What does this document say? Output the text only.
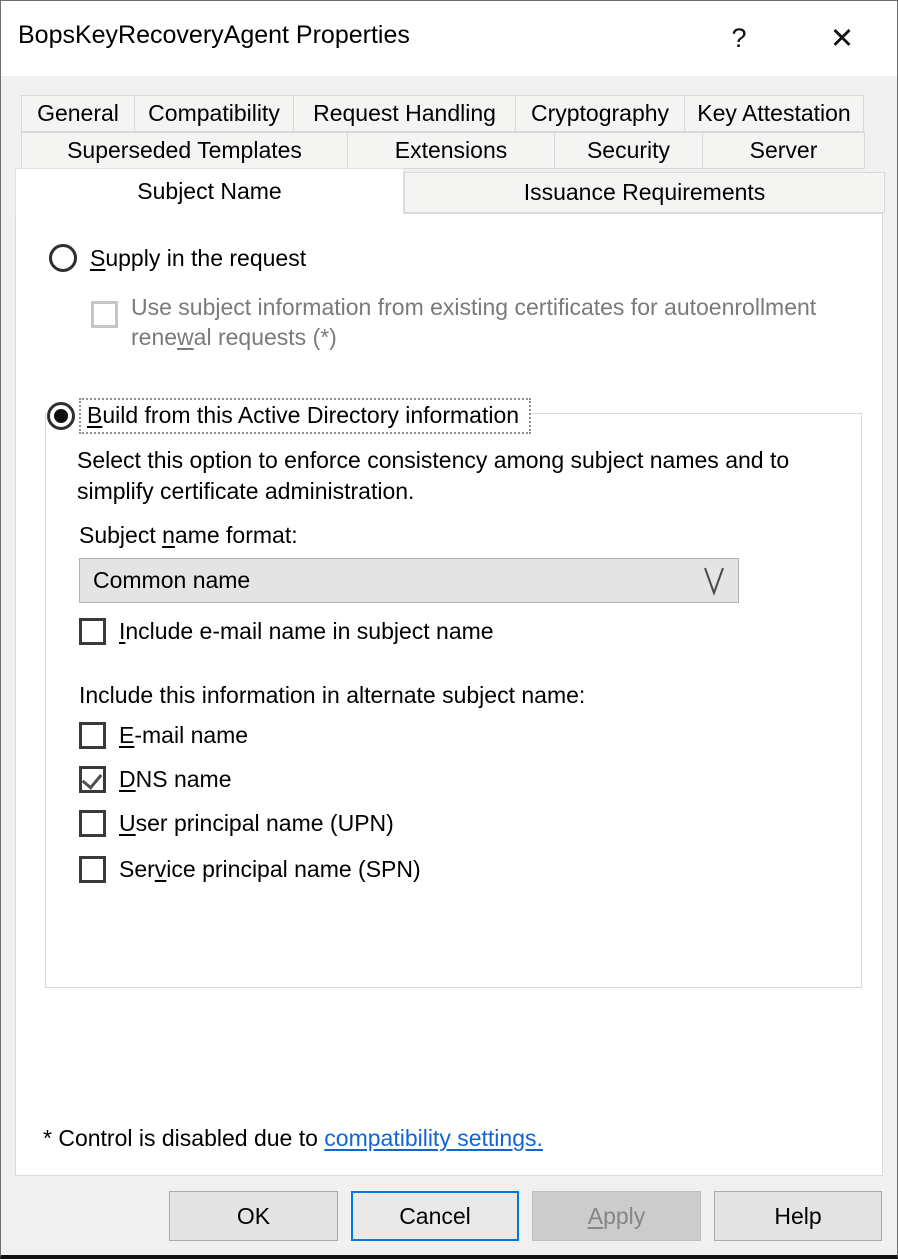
BopsKeyRecoveryAgent Properties	?	✕
General	Compatibility	Request Handling	Cryptography	Key Attestation
Superseded Templates	Extensions	Security	Server
Issuance Requirements
Subject Name
Supply in the request
Use subject information from existing certificates for autoenrollment renewal requests (*)
Build from this Active Directory information
Select this option to enforce consistency among subject names and to simplify certificate administration.
Subject name format:
Common name
Include e-mail name in subject name
Include this information in alternate subject name:
E-mail name
DNS name
User principal name (UPN)
Service principal name (SPN)
* Control is disabled due to compatibility settings.
OK	Cancel	A pply	Help
